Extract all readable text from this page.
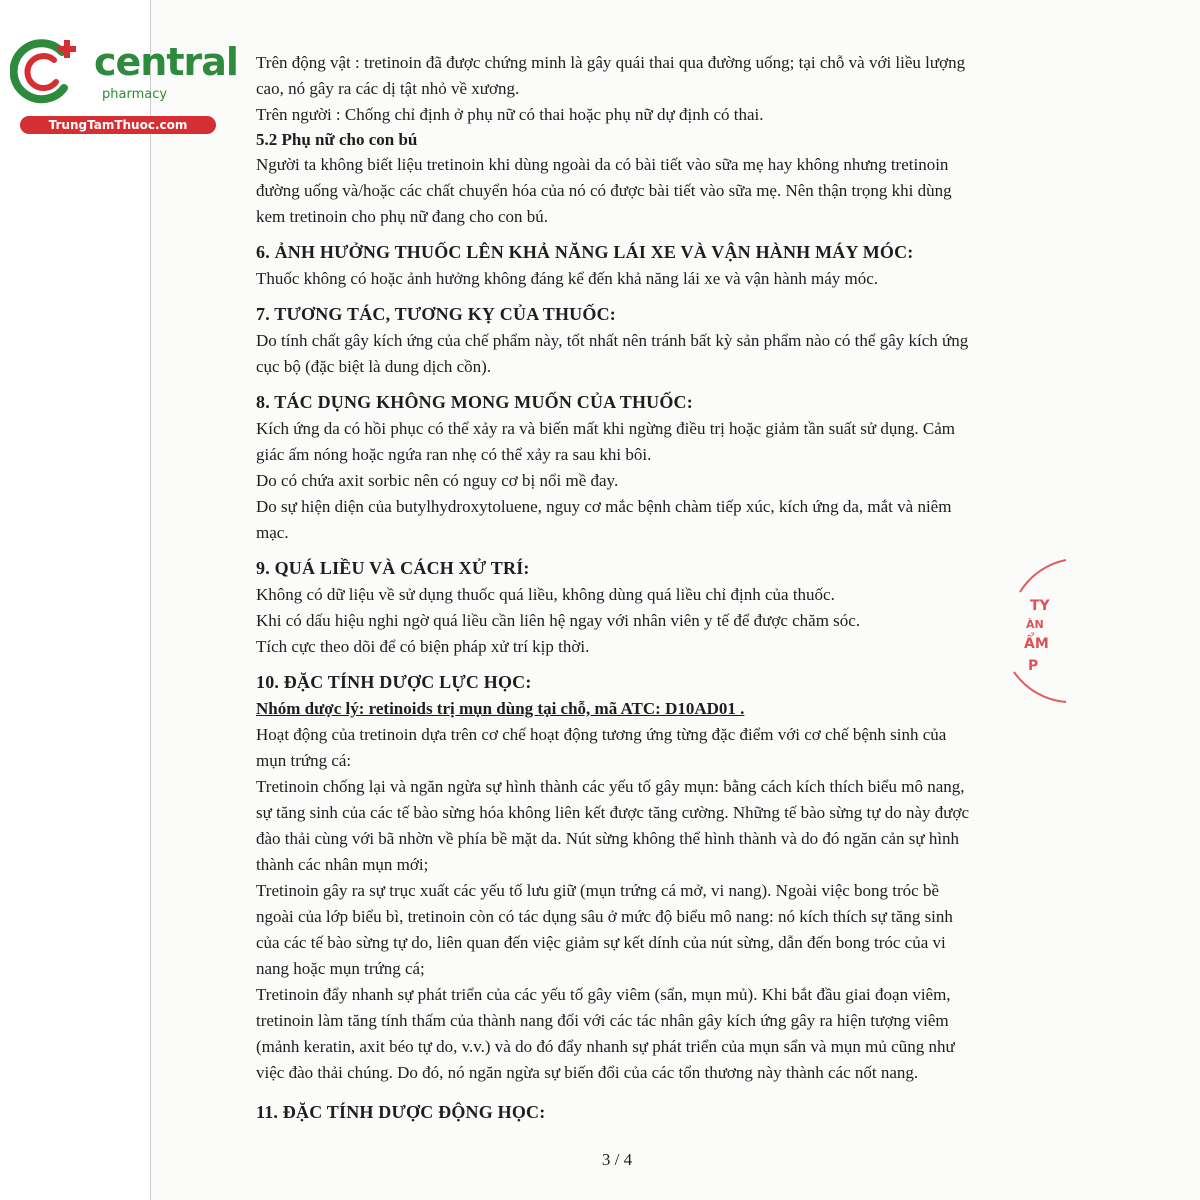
central
pharmacy
TrungTamThuoc.com

Trên động vật : tretinoin đã được chứng minh là gây quái thai qua đường uống; tại chỗ và với liều lượng cao, nó gây ra các dị tật nhỏ về xương.

Trên người : Chống chỉ định ở phụ nữ có thai hoặc phụ nữ dự định có thai.

5.2 Phụ nữ cho con bú

Người ta không biết liệu tretinoin khi dùng ngoài da có bài tiết vào sữa mẹ hay không nhưng tretinoin đường uống và/hoặc các chất chuyển hóa của nó có được bài tiết vào sữa mẹ. Nên thận trọng khi dùng kem tretinoin cho phụ nữ đang cho con bú.

6. ẢNH HƯỞNG THUỐC LÊN KHẢ NĂNG LÁI XE VÀ VẬN HÀNH MÁY MÓC:

Thuốc không có hoặc ảnh hưởng không đáng kể đến khả năng lái xe và vận hành máy móc.

7. TƯƠNG TÁC, TƯƠNG KỴ CỦA THUỐC:

Do tính chất gây kích ứng của chế phẩm này, tốt nhất nên tránh bất kỳ sản phẩm nào có thể gây kích ứng cục bộ (đặc biệt là dung dịch cồn).

8. TÁC DỤNG KHÔNG MONG MUỐN CỦA THUỐC:

Kích ứng da có hồi phục có thể xảy ra và biến mất khi ngừng điều trị hoặc giảm tần suất sử dụng. Cảm giác ấm nóng hoặc ngứa ran nhẹ có thể xảy ra sau khi bôi.

Do có chứa axit sorbic nên có nguy cơ bị nổi mề đay.

Do sự hiện diện của butylhydroxytoluene, nguy cơ mắc bệnh chàm tiếp xúc, kích ứng da, mắt và niêm mạc.

9. QUÁ LIỀU VÀ CÁCH XỬ TRÍ:

Không có dữ liệu về sử dụng thuốc quá liều, không dùng quá liều chỉ định của thuốc.

Khi có dấu hiệu nghi ngờ quá liều cần liên hệ ngay với nhân viên y tế để được chăm sóc.

Tích cực theo dõi để có biện pháp xử trí kịp thời.

10. ĐẶC TÍNH DƯỢC LỰC HỌC:

Nhóm dược lý: retinoids trị mụn dùng tại chỗ, mã ATC: D10AD01 .

Hoạt động của tretinoin dựa trên cơ chế hoạt động tương ứng từng đặc điểm với cơ chế bệnh sinh của mụn trứng cá:

Tretinoin chống lại và ngăn ngừa sự hình thành các yếu tố gây mụn: bằng cách kích thích biểu mô nang, sự tăng sinh của các tế bào sừng hóa không liên kết được tăng cường. Những tế bào sừng tự do này được đào thải cùng với bã nhờn về phía bề mặt da. Nút sừng không thể hình thành và do đó ngăn cản sự hình thành các nhân mụn mới;

Tretinoin gây ra sự trục xuất các yếu tố lưu giữ (mụn trứng cá mở, vi nang). Ngoài việc bong tróc bề ngoài của lớp biểu bì, tretinoin còn có tác dụng sâu ở mức độ biểu mô nang: nó kích thích sự tăng sinh của các tế bào sừng tự do, liên quan đến việc giảm sự kết dính của nút sừng, dẫn đến bong tróc của vi nang hoặc mụn trứng cá;

Tretinoin đẩy nhanh sự phát triển của các yếu tố gây viêm (sẩn, mụn mủ). Khi bắt đầu giai đoạn viêm, tretinoin làm tăng tính thấm của thành nang đối với các tác nhân gây kích ứng gây ra hiện tượng viêm (mảnh keratin, axit béo tự do, v.v.) và do đó đẩy nhanh sự phát triển của mụn sẩn và mụn mủ cũng như việc đào thải chúng. Do đó, nó ngăn ngừa sự biến đổi của các tổn thương này thành các nốt nang.

11. ĐẶC TÍNH DƯỢC ĐỘNG HỌC:
TY
ÀN
ẨM
P
3 / 4
